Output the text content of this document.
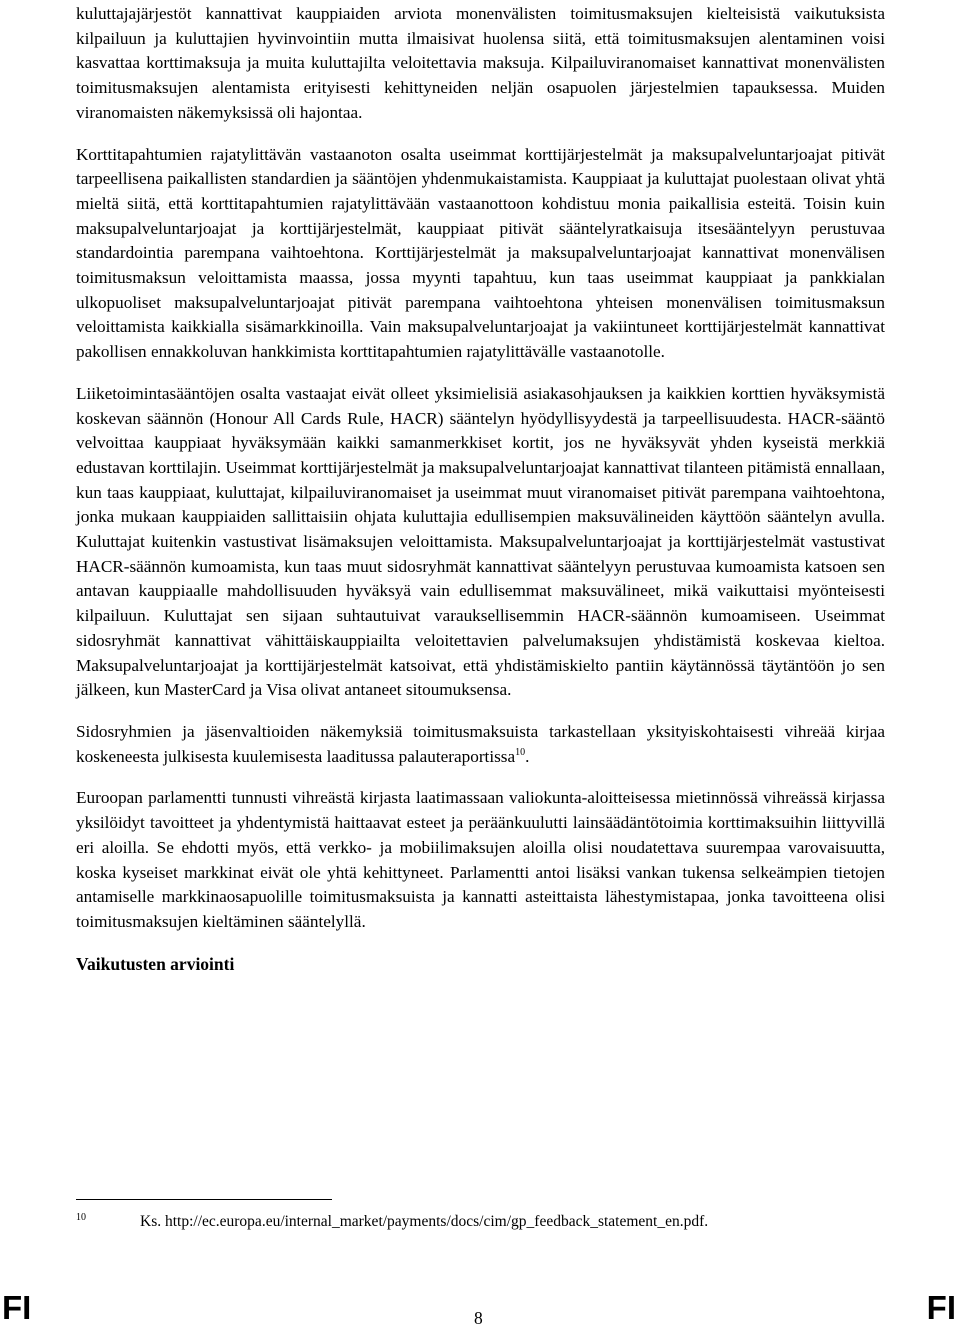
kuluttajajärjestöt kannattivat kauppiaiden arviota monenvälisten toimitusmaksujen kielteisistä vaikutuksista kilpailuun ja kuluttajien hyvinvointiin mutta ilmaisivat huolensa siitä, että toimitusmaksujen alentaminen voisi kasvattaa korttimaksuja ja muita kuluttajilta veloitettavia maksuja. Kilpailuviranomaiset kannattivat monenvälisten toimitusmaksujen alentamista erityisesti kehittyneiden neljän osapuolen järjestelmien tapauksessa. Muiden viranomaisten näkemyksissä oli hajontaa.

Korttitapahtumien rajatylittävän vastaanoton osalta useimmat korttijärjestelmät ja maksupalveluntarjoajat pitivät tarpeellisena paikallisten standardien ja sääntöjen yhdenmukaistamista. Kauppiaat ja kuluttajat puolestaan olivat yhtä mieltä siitä, että korttitapahtumien rajatylittävään vastaanottoon kohdistuu monia paikallisia esteitä. Toisin kuin maksupalveluntarjoajat ja korttijärjestelmät, kauppiaat pitivät sääntelyratkaisuja itsesääntelyyn perustuvaa standardointia parempana vaihtoehtona. Korttijärjestelmät ja maksupalveluntarjoajat kannattivat monenvälisen toimitusmaksun veloittamista maassa, jossa myynti tapahtuu, kun taas useimmat kauppiaat ja pankkialan ulkopuoliset maksupalveluntarjoajat pitivät parempana vaihtoehtona yhteisen monenvälisen toimitusmaksun veloittamista kaikkialla sisämarkkinoilla. Vain maksupalveluntarjoajat ja vakiintuneet korttijärjestelmät kannattivat pakollisen ennakkoluvan hankkimista korttitapahtumien rajatylittävälle vastaanotolle.

Liiketoimintasääntöjen osalta vastaajat eivät olleet yksimielisiä asiakasohjauksen ja kaikkien korttien hyväksymistä koskevan säännön (Honour All Cards Rule, HACR) sääntelyn hyödyllisyydestä ja tarpeellisuudesta. HACR-sääntö velvoittaa kauppiaat hyväksymään kaikki samanmerkkiset kortit, jos ne hyväksyvät yhden kyseistä merkkiä edustavan korttilajin. Useimmat korttijärjestelmät ja maksupalveluntarjoajat kannattivat tilanteen pitämistä ennallaan, kun taas kauppiaat, kuluttajat, kilpailuviranomaiset ja useimmat muut viranomaiset pitivät parempana vaihtoehtona, jonka mukaan kauppiaiden sallittaisiin ohjata kuluttajia edullisempien maksuvälineiden käyttöön sääntelyn avulla. Kuluttajat kuitenkin vastustivat lisämaksujen veloittamista. Maksupalveluntarjoajat ja korttijärjestelmät vastustivat HACR-säännön kumoamista, kun taas muut sidosryhmät kannattivat sääntelyyn perustuvaa kumoamista katsoen sen antavan kauppiaalle mahdollisuuden hyväksyä vain edullisemmat maksuvälineet, mikä vaikuttaisi myönteisesti kilpailuun. Kuluttajat sen sijaan suhtautuivat varauksellisemmin HACR-säännön kumoamiseen. Useimmat sidosryhmät kannattivat vähittäiskauppiailta veloitettavien palvelumaksujen yhdistämistä koskevaa kieltoa. Maksupalveluntarjoajat ja korttijärjestelmät katsoivat, että yhdistämiskielto pantiin käytännössä täytäntöön jo sen jälkeen, kun MasterCard ja Visa olivat antaneet sitoumuksensa.

Sidosryhmien ja jäsenvaltioiden näkemyksiä toimitusmaksuista tarkastellaan yksityiskohtaisesti vihreää kirjaa koskeneesta julkisesta kuulemisesta laaditussa palauteraportissa$^{10}$.

Euroopan parlamentti tunnusti vihreästä kirjasta laatimassaan valiokunta-aloitteisessa mietinnössä vihreässä kirjassa yksilöidyt tavoitteet ja yhdentymistä haittaavat esteet ja peräänkuulutti lainsäädäntötoimia korttimaksuihin liittyvillä eri aloilla. Se ehdotti myös, että verkko- ja mobiilimaksujen aloilla olisi noudatettava suurempaa varovaisuutta, koska kyseiset markkinat eivät ole yhtä kehittyneet. Parlamentti antoi lisäksi vankan tukensa selkeämpien tietojen antamiselle markkinaosapuolille toimitusmaksuista ja kannatti asteittaista lähestymistapaa, jonka tavoitteena olisi toimitusmaksujen kieltäminen sääntelyllä.

Vaikutusten arviointi

10	Ks. http://ec.europa.eu/internal_market/payments/docs/cim/gp_feedback_statement_en.pdf.
FI	8	FI
